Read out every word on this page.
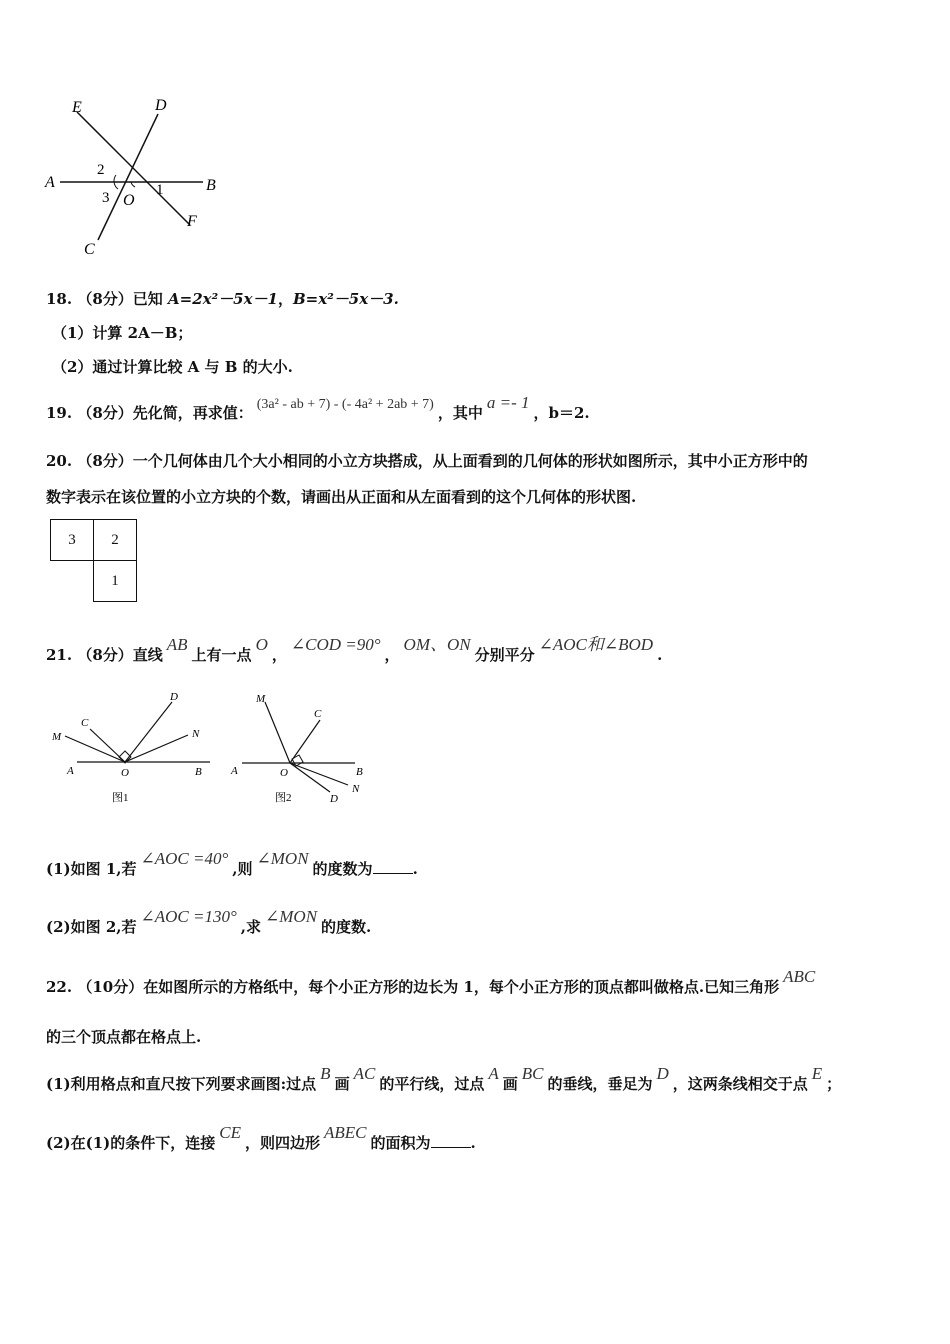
E	D
A	B
O
F
C
1
2
3
18. （8分）已知 A=2x²－5x－1，B=x²－5x－3.
（1）计算 2A－B；
（2）通过计算比较 A 与 B 的大小.
19. （8分）先化简，再求值： (3a² - ab + 7) - (- 4a² + 2ab + 7) ，其中a =- 1，b＝2.
20. （8分）一个几何体由几个大小相同的小立方块搭成，从上面看到的几何体的形状如图所示，其中小正方形中的
数字表示在该位置的小立方块的个数，请画出从正面和从左面看到的这个几何体的形状图.
3	2
	1
21. （8分）直线AB上有一点O，∠COD =90°，OM、ON分别平分∠AOC和∠BOD.
M
C
D
N
A	O	B
图1
M
C
A	O	B
D
N
图2
(1)如图 1,若∠AOC =40°,则∠MON的度数为	.
(2)如图 2,若∠AOC =130°,求∠MON的度数.
22. （10分）在如图所示的方格纸中，每个小正方形的边长为 1，每个小正方形的顶点都叫做格点.已知三角形ABC
的三个顶点都在格点上.
(1)利用格点和直尺按下列要求画图:过点B画AC的平行线，过点A画BC的垂线，垂足为D，这两条线相交于点E；
(2)在(1)的条件下，连接CE，则四边形ABEC的面积为	.
